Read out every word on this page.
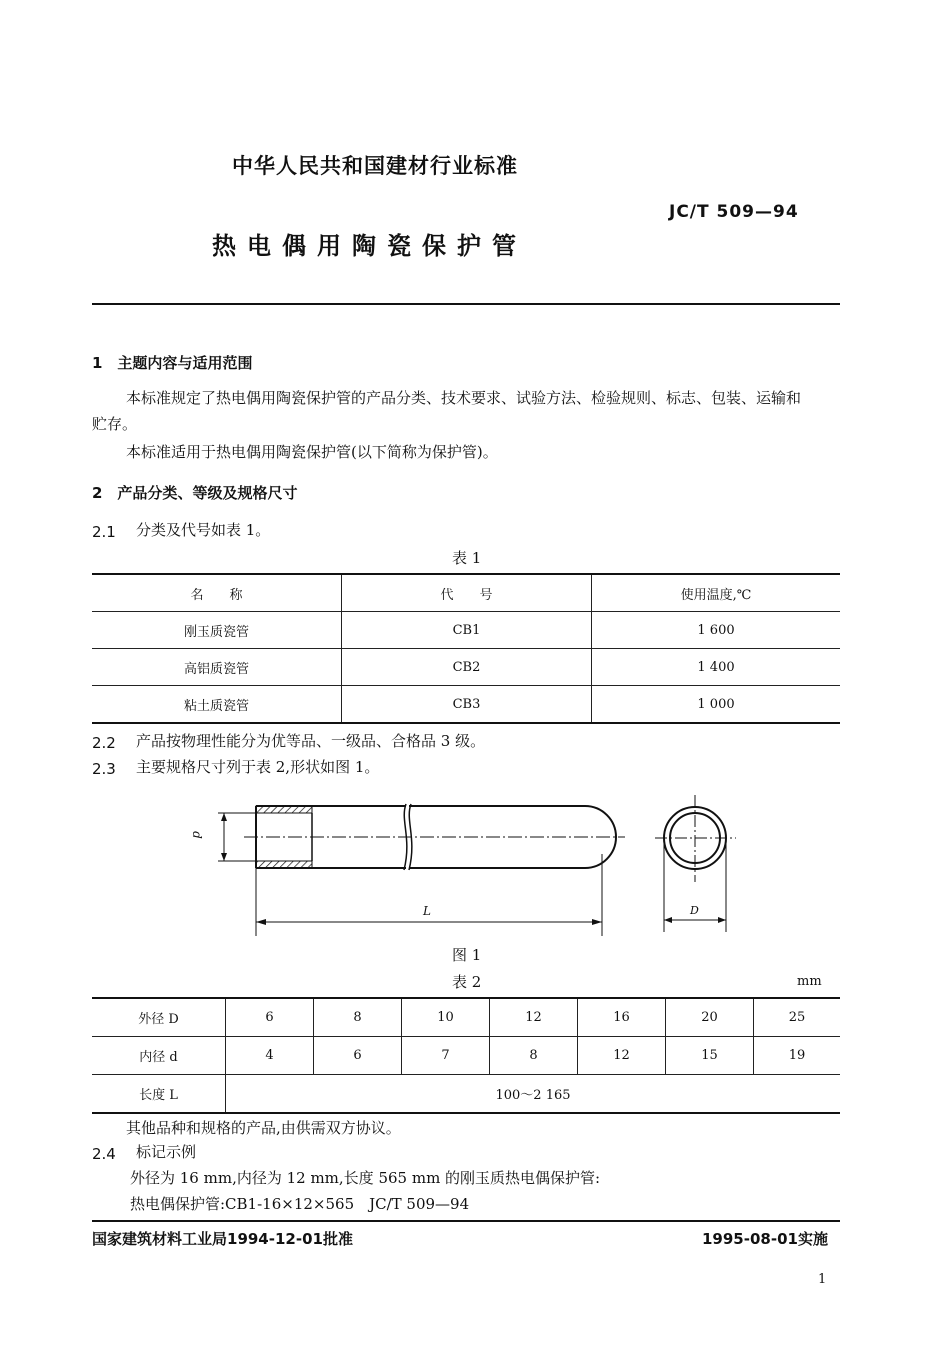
中华人民共和国建材行业标准
JC/T 509—94
热电偶用陶瓷保护管
1　主题内容与适用范围
本标准规定了热电偶用陶瓷保护管的产品分类、技术要求、试验方法、检验规则、标志、包装、运输和
贮存。
本标准适用于热电偶用陶瓷保护管(以下简称为保护管)。
2　产品分类、等级及规格尺寸
2.1 分类及代号如表 1。
表 1
名　　称	代　　号	使用温度,℃
刚玉质瓷管	CB1	1 600
高铝质瓷管	CB2	1 400
粘土质瓷管	CB3	1 000
2.2 产品按物理性能分为优等品、一级品、合格品 3 级。
2.3 主要规格尺寸列于表 2,形状如图 1。
d
L	D
图 1
表 2	mm
外径 D	6	8	10	12	16	20	25
内径 d	4	6	7	8	12	15	19
长度 L	100～2 165						
其他品种和规格的产品,由供需双方协议。
2.4 标记示例
外径为 16 mm,内径为 12 mm,长度 565 mm 的刚玉质热电偶保护管:
热电偶保护管:CB1-16×12×565　JC/T 509—94
国家建筑材料工业局1994-12-01批准	1995-08-01实施
1
